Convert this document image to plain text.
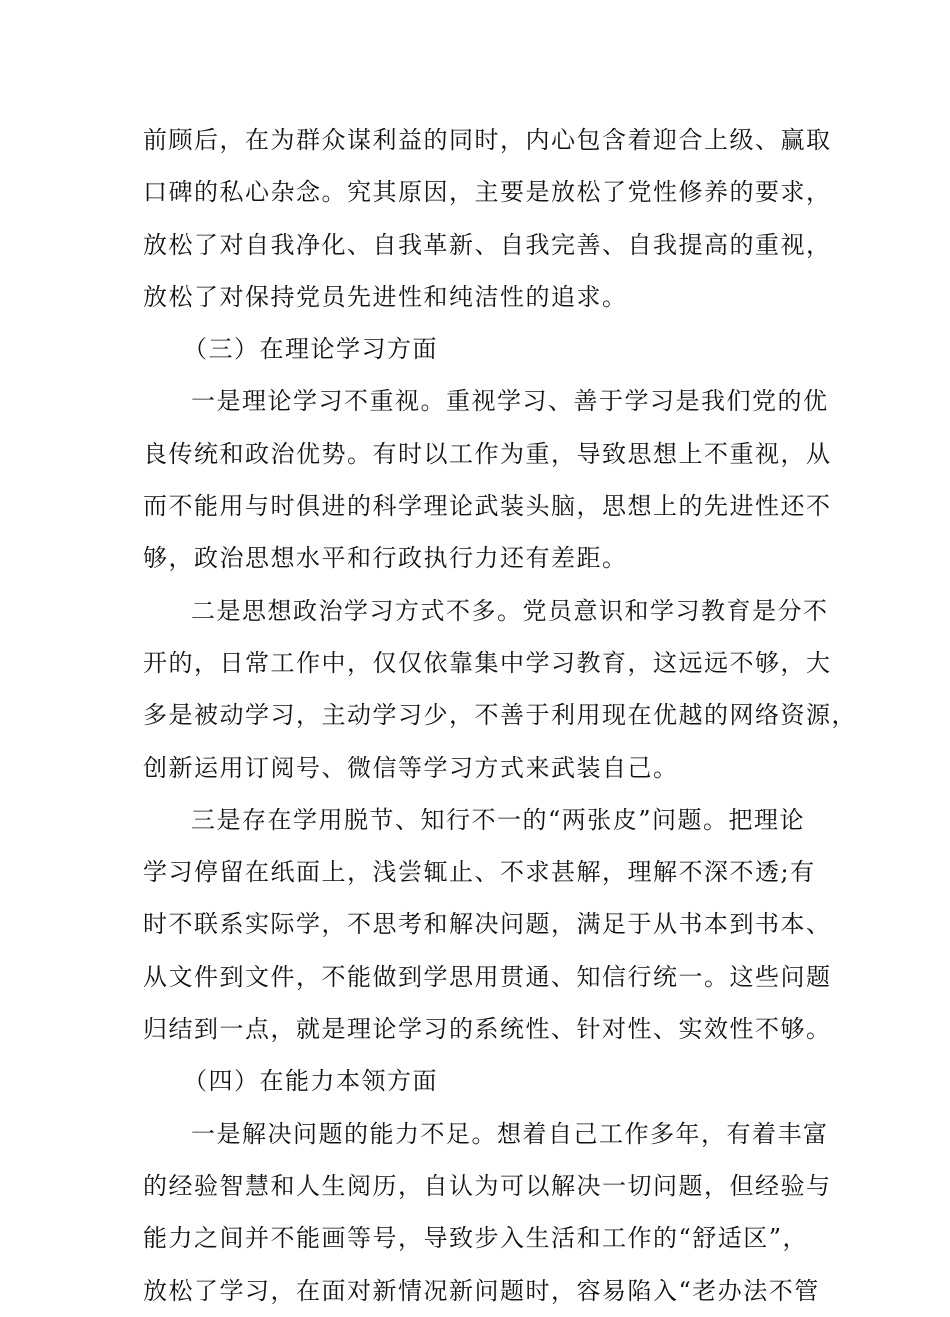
前顾后，在为群众谋利益的同时，内心包含着迎合上级、赢取
口碑的私心杂念。究其原因，主要是放松了党性修养的要求，
放松了对自我净化、自我革新、自我完善、自我提高的重视，
放松了对保持党员先进性和纯洁性的追求。
（三）在理论学习方面
一是理论学习不重视。重视学习、善于学习是我们党的优
良传统和政治优势。有时以工作为重，导致思想上不重视，从
而不能用与时俱进的科学理论武装头脑，思想上的先进性还不
够，政治思想水平和行政执行力还有差距。
二是思想政治学习方式不多。党员意识和学习教育是分不
开的，日常工作中，仅仅依靠集中学习教育，这远远不够，大
多是被动学习，主动学习少，不善于利用现在优越的网络资源，
创新运用订阅号、微信等学习方式来武装自己。
三是存在学用脱节、知行不一的“两张皮”问题。把理论
学习停留在纸面上，浅尝辄止、不求甚解，理解不深不透;有
时不联系实际学，不思考和解决问题，满足于从书本到书本、
从文件到文件，不能做到学思用贯通、知信行统一。这些问题
归结到一点，就是理论学习的系统性、针对性、实效性不够。
（四）在能力本领方面
一是解决问题的能力不足。想着自己工作多年，有着丰富
的经验智慧和人生阅历，自认为可以解决一切问题，但经验与
能力之间并不能画等号，导致步入生活和工作的“舒适区”，
放松了学习，在面对新情况新问题时，容易陷入“老办法不管
